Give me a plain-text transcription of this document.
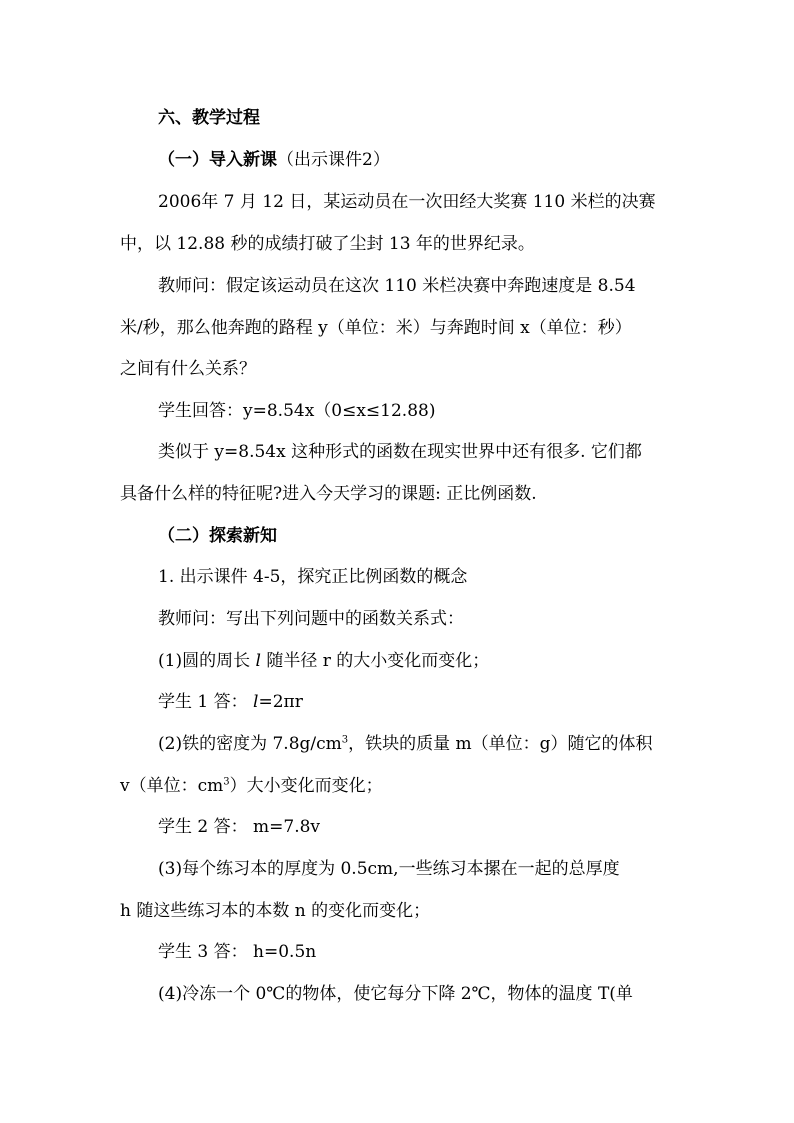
六、教学过程
（一）导入新课（出示课件2）
2006年 7 月 12 日，某运动员在一次田经大奖赛 110 米栏的决赛
中，以 12.88 秒的成绩打破了尘封 13 年的世界纪录。
教师问：假定该运动员在这次 110 米栏决赛中奔跑速度是 8.54
米/秒，那么他奔跑的路程 y（单位：米）与奔跑时间 x（单位：秒）
之间有什么关系？
学生回答：y=8.54x（0≤x≤12.88)
类似于 y=8.54x 这种形式的函数在现实世界中还有很多. 它们都
具备什么样的特征呢?进入今天学习的课题: 正比例函数.
（二）探索新知
1. 出示课件 4-5，探究正比例函数的概念
教师问：写出下列问题中的函数关系式：
(1)圆的周长 l 随半径 r 的大小变化而变化；
学生 1 答： l=2πr
(2)铁的密度为 $7.8g/cm^3$，铁块的质量 m（单位：g）随它的体积
v（单位：$cm^3$）大小变化而变化；
学生 2 答： m=7.8v
(3)每个练习本的厚度为 0.5cm,一些练习本摞在一起的总厚度
h 随这些练习本的本数 n 的变化而变化；
学生 3 答： h=0.5n
(4)冷冻一个 0℃的物体，使它每分下降 2℃，物体的温度 T(单
